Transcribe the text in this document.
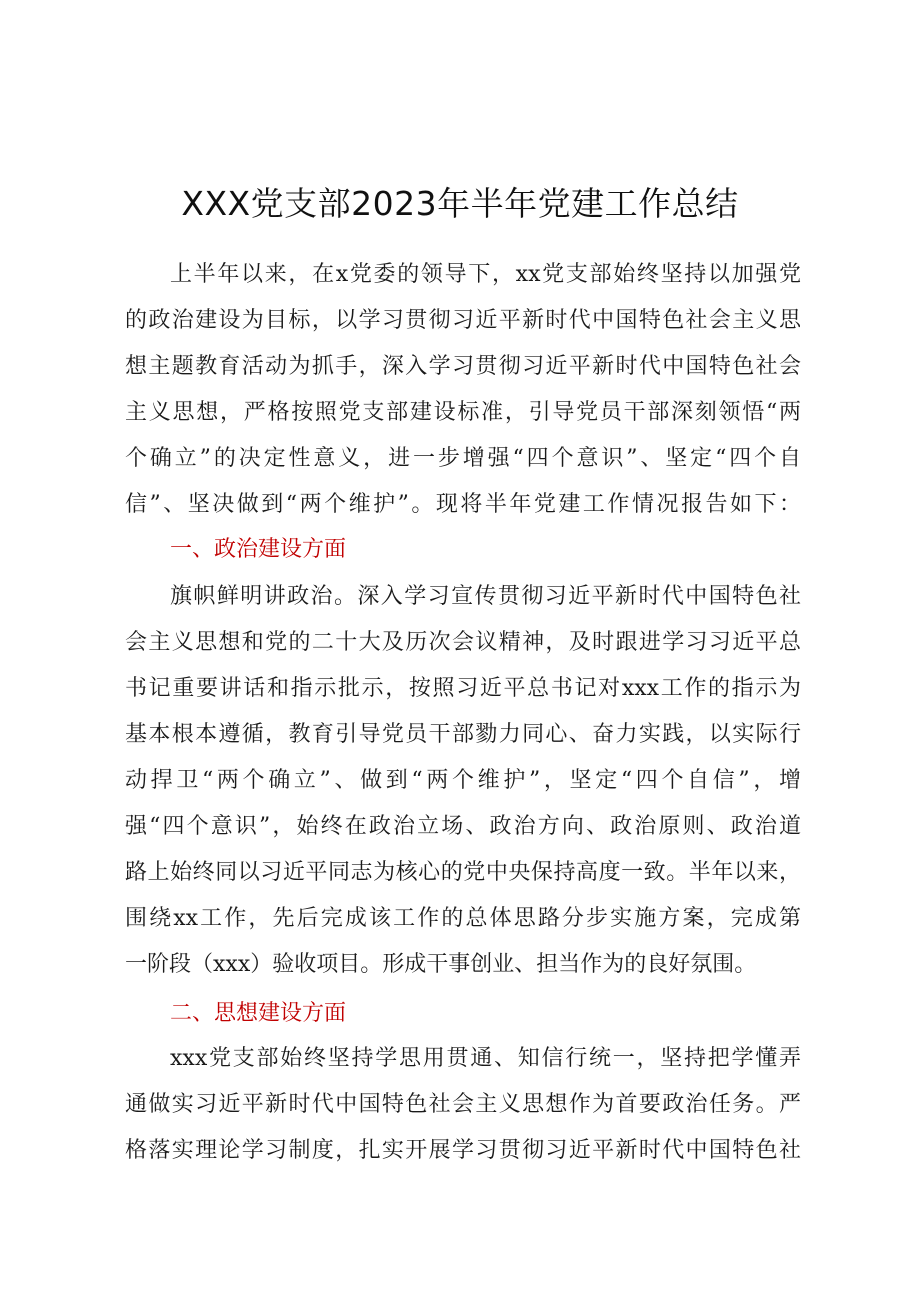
XXX党支部2023年半年党建工作总结
上半年以来，在x党委的领导下，xx党支部始终坚持以加强党
的政治建设为目标，以学习贯彻习近平新时代中国特色社会主义思
想主题教育活动为抓手，深入学习贯彻习近平新时代中国特色社会
主义思想，严格按照党支部建设标准，引导党员干部深刻领悟“两
个确立”的决定性意义，进一步增强“四个意识”、坚定“四个自
信”、坚决做到“两个维护”。现将半年党建工作情况报告如下：
一、政治建设方面
旗帜鲜明讲政治。深入学习宣传贯彻习近平新时代中国特色社
会主义思想和党的二十大及历次会议精神，及时跟进学习习近平总
书记重要讲话和指示批示，按照习近平总书记对xxx工作的指示为
基本根本遵循，教育引导党员干部勠力同心、奋力实践，以实际行
动捍卫“两个确立”、做到“两个维护”，坚定“四个自信”，增
强“四个意识”，始终在政治立场、政治方向、政治原则、政治道
路上始终同以习近平同志为核心的党中央保持高度一致。半年以来，
围绕xx工作，先后完成该工作的总体思路分步实施方案，完成第
一阶段（xxx）验收项目。形成干事创业、担当作为的良好氛围。
二、思想建设方面
xxx党支部始终坚持学思用贯通、知信行统一，坚持把学懂弄
通做实习近平新时代中国特色社会主义思想作为首要政治任务。严
格落实理论学习制度，扎实开展学习贯彻习近平新时代中国特色社
